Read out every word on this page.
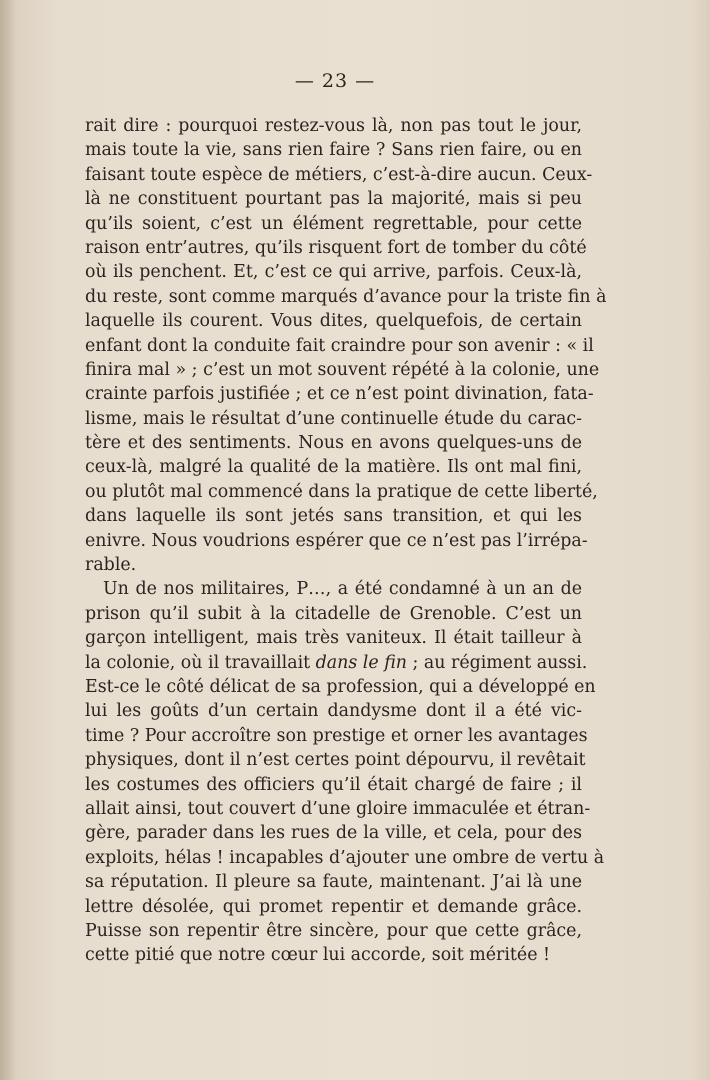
— 23 —
rait dire : pourquoi restez-vous là, non pas tout le jour,
mais toute la vie, sans rien faire ? Sans rien faire, ou en
faisant toute espèce de métiers, c’est-à-dire aucun. Ceux-
là ne constituent pourtant pas la majorité, mais si peu
qu’ils soient, c’est un élément regrettable, pour cette
raison entr’autres, qu’ils risquent fort de tomber du côté
où ils penchent. Et, c’est ce qui arrive, parfois. Ceux-là,
du reste, sont comme marqués d’avance pour la triste fin à
laquelle ils courent. Vous dites, quelquefois, de certain
enfant dont la conduite fait craindre pour son avenir : « il
finira mal » ; c’est un mot souvent répété à la colonie, une
crainte parfois justifiée ; et ce n’est point divination, fata-
lisme, mais le résultat d’une continuelle étude du carac-
tère et des sentiments. Nous en avons quelques-uns de
ceux-là, malgré la qualité de la matière. Ils ont mal fini,
ou plutôt mal commencé dans la pratique de cette liberté,
dans laquelle ils sont jetés sans transition, et qui les
enivre. Nous voudrions espérer que ce n’est pas l’irrépa-
rable.
Un de nos militaires, P…, a été condamné à un an de
prison qu’il subit à la citadelle de Grenoble. C’est un
garçon intelligent, mais très vaniteux. Il était tailleur à
la colonie, où il travaillait dans le fin ; au régiment aussi.
Est-ce le côté délicat de sa profession, qui a développé en
lui les goûts d’un certain dandysme dont il a été vic-
time ? Pour accroître son prestige et orner les avantages
physiques, dont il n’est certes point dépourvu, il revêtait
les costumes des officiers qu’il était chargé de faire ; il
allait ainsi, tout couvert d’une gloire immaculée et étran-
gère, parader dans les rues de la ville, et cela, pour des
exploits, hélas ! incapables d’ajouter une ombre de vertu à
sa réputation. Il pleure sa faute, maintenant. J’ai là une
lettre désolée, qui promet repentir et demande grâce.
Puisse son repentir être sincère, pour que cette grâce,
cette pitié que notre cœur lui accorde, soit méritée !
